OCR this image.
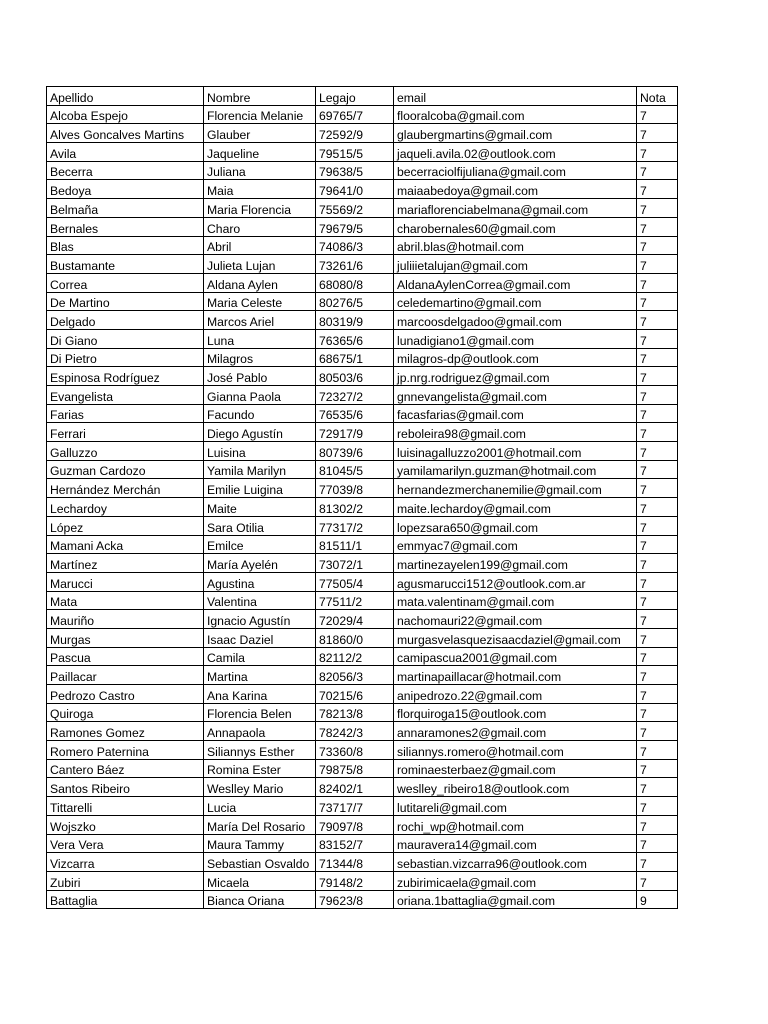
Apellido	Nombre	Legajo	email	Nota
Alcoba Espejo	Florencia Melanie	69765/7	flooralcoba@gmail.com	7
Alves Goncalves Martins	Glauber	72592/9	glaubergmartins@gmail.com	7
Avila	Jaqueline	79515/5	jaqueli.avila.02@outlook.com	7
Becerra	Juliana	79638/5	becerraciolfijuliana@gmail.com	7
Bedoya	Maia	79641/0	maiaabedoya@gmail.com	7
Belmaña	Maria Florencia	75569/2	mariaflorenciabelmana@gmail.com	7
Bernales	Charo	79679/5	charobernales60@gmail.com	7
Blas	Abril	74086/3	abril.blas@hotmail.com	7
Bustamante	Julieta Lujan	73261/6	juliiietalujan@gmail.com	7
Correa	Aldana Aylen	68080/8	AldanaAylenCorrea@gmail.com	7
De Martino	Maria Celeste	80276/5	celedemartino@gmail.com	7
Delgado	Marcos Ariel	80319/9	marcoosdelgadoo@gmail.com	7
Di Giano	Luna	76365/6	lunadigiano1@gmail.com	7
Di Pietro	Milagros	68675/1	milagros-dp@outlook.com	7
Espinosa Rodríguez	José Pablo	80503/6	jp.nrg.rodriguez@gmail.com	7
Evangelista	Gianna Paola	72327/2	gnnevangelista@gmail.com	7
Farias	Facundo	76535/6	facasfarias@gmail.com	7
Ferrari	Diego Agustín	72917/9	reboleira98@gmail.com	7
Galluzzo	Luisina	80739/6	luisinagalluzzo2001@hotmail.com	7
Guzman Cardozo	Yamila Marilyn	81045/5	yamilamarilyn.guzman@hotmail.com	7
Hernández Merchán	Emilie Luigina	77039/8	hernandezmerchanemilie@gmail.com	7
Lechardoy	Maite	81302/2	maite.lechardoy@gmail.com	7
López	Sara Otilia	77317/2	lopezsara650@gmail.com	7
Mamani Acka	Emilce	81511/1	emmyac7@gmail.com	7
Martínez	María Ayelén	73072/1	martinezayelen199@gmail.com	7
Marucci	Agustina	77505/4	agusmarucci1512@outlook.com.ar	7
Mata	Valentina	77511/2	mata.valentinam@gmail.com	7
Mauriño	Ignacio Agustín	72029/4	nachomauri22@gmail.com	7
Murgas	Isaac Daziel	81860/0	murgasvelasquezisaacdaziel@gmail.com	7
Pascua	Camila	82112/2	camipascua2001@gmail.com	7
Paillacar	Martina	82056/3	martinapaillacar@hotmail.com	7
Pedrozo Castro	Ana Karina	70215/6	anipedrozo.22@gmail.com	7
Quiroga	Florencia Belen	78213/8	florquiroga15@outlook.com	7
Ramones Gomez	Annapaola	78242/3	annaramones2@gmail.com	7
Romero Paternina	Siliannys Esther	73360/8	siliannys.romero@hotmail.com	7
Cantero Báez	Romina Ester	79875/8	rominaesterbaez@gmail.com	7
Santos Ribeiro	Weslley Mario	82402/1	weslley_ribeiro18@outlook.com	7
Tittarelli	Lucia	73717/7	lutitareli@gmail.com	7
Wojszko	María Del Rosario	79097/8	rochi_wp@hotmail.com	7
Vera Vera	Maura Tammy	83152/7	mauravera14@gmail.com	7
Vizcarra	Sebastian Osvaldo	71344/8	sebastian.vizcarra96@outlook.com	7
Zubiri	Micaela	79148/2	zubirimicaela@gmail.com	7
Battaglia	Bianca Oriana	79623/8	oriana.1battaglia@gmail.com	9
